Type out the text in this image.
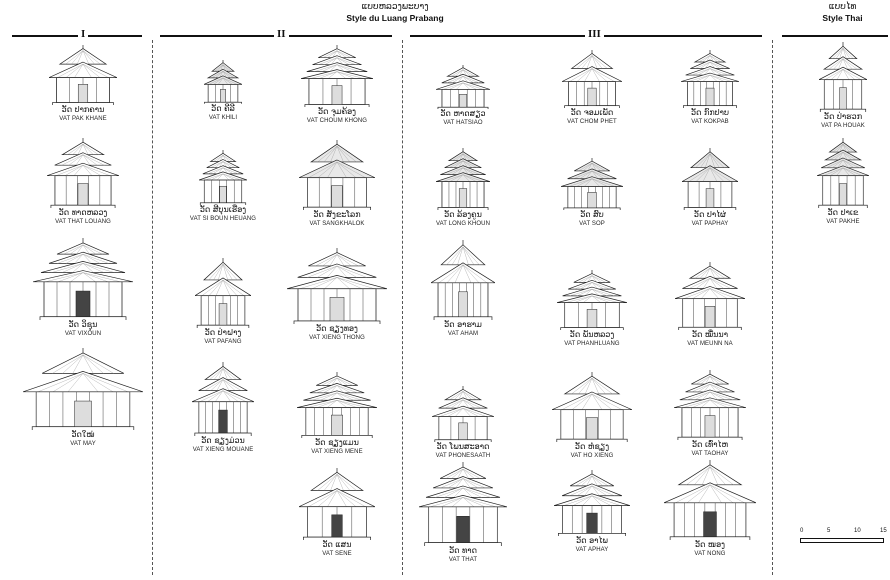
ແບບຫລວງພະບາງ
Style du Luang Prabang
ແບບໄທ
Style Thai
I	II	III
ວັດ ປາກຄານ
VAT PAK KHANE
ວັດ ທາດຫລວງ
VAT THAT LOUANG
ວັດ ວິຊຸນ
VAT VIXOUN
ວັດໃໝ່
VAT MAY
ວັດ ຄີລີ
VAT KHILI
ວັດ ສີບຸນເຮືອງ
VAT SI BOUN HEUANG
ວັດ ປ່າຝາງ
VAT PAFANG
ວັດ ຊຽງມ່ວນ
VAT XIENG MOUANE
ວັດ ຈຸມຄ້ອງ
VAT CHOUM KHONG
ວັດ ສັງຂະໂລກ
VAT SANGKHALOK
ວັດ ຊຽງທອງ
VAT XIENG THONG
ວັດ ຊຽງແມນ
VAT XIENG MENE
ວັດ ແສນ
VAT SENE
ວັດ ຫາດສຽວ
VAT HATSIAO
ວັດ ລ້ອງຄູນ
VAT LONG KHOUN
ວັດ ອາຮາມ
VAT AHAM
ວັດ ໂພນສະອາດ
VAT PHONESAATH
ວັດ ທາດ
VAT THAT
ວັດ ຈອມເພັດ
VAT CHOM PHET
ວັດ ສົບ
VAT SOP
ວັດ ພັນຫລວງ
VAT PHANHLUANG
ວັດ ຫໍຊຽງ
VAT HO XIENG
ວັດ ອາໄພ
VAT APHAY
ວັດ ກົກປາບ
VAT KOKPAB
ວັດ ປາໄຜ່
VAT PAPHAY
ວັດ ໝື່ນນາ
VAT MEUNN NA
ວັດ ເທົ່າໄຫ
VAT TAOHAY
ວັດ ໜອງ
VAT NONG
ວັດ ປ່າຮວກ
VAT PA HOUAK
ວັດ ປາເຂ
VAT PAKHE
0	5	10	15
